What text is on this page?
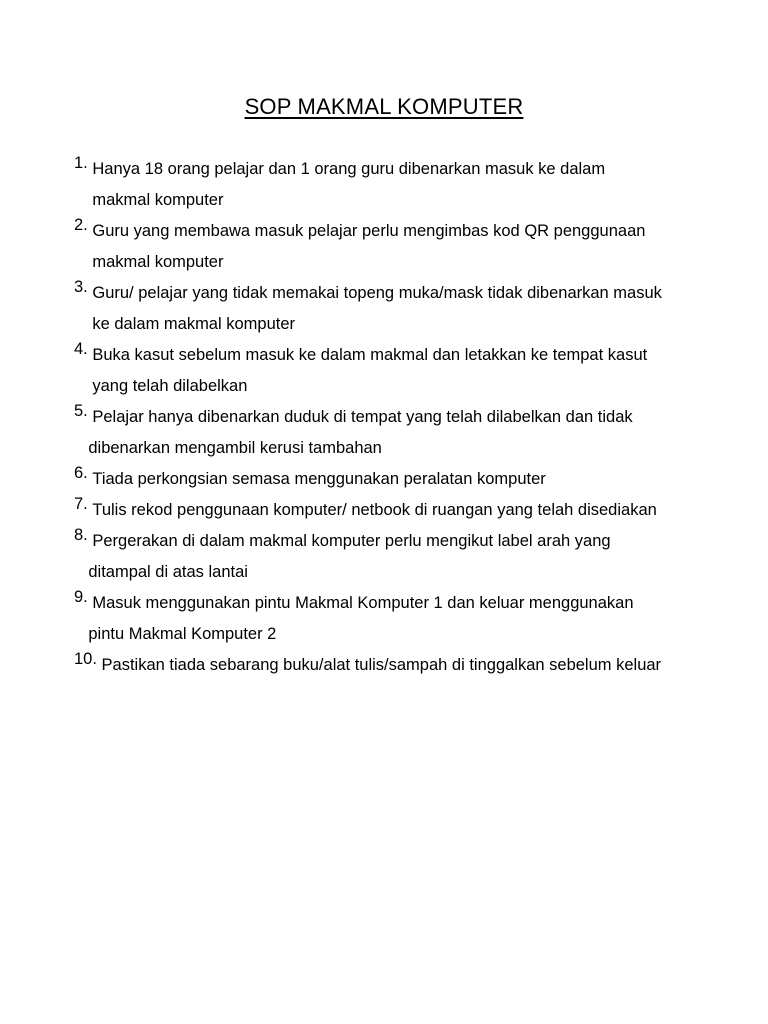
SOP MAKMAL KOMPUTER
1. Hanya 18 orang pelajar dan 1 orang guru dibenarkan masuk ke dalam
makmal komputer
2. Guru yang membawa masuk pelajar perlu mengimbas kod QR penggunaan
makmal komputer
3. Guru/ pelajar yang tidak memakai topeng muka/mask tidak dibenarkan masuk
ke dalam makmal komputer
4. Buka kasut sebelum masuk ke dalam makmal dan letakkan ke tempat kasut
yang telah dilabelkan
5. Pelajar hanya dibenarkan duduk di tempat yang telah dilabelkan dan tidak
dibenarkan mengambil kerusi tambahan
6. Tiada perkongsian semasa menggunakan peralatan komputer
7. Tulis rekod penggunaan komputer/ netbook di ruangan yang telah disediakan
8. Pergerakan di dalam makmal komputer perlu mengikut label arah yang
ditampal di atas lantai
9. Masuk menggunakan pintu Makmal Komputer 1 dan keluar menggunakan
pintu Makmal Komputer 2
10. Pastikan tiada sebarang buku/alat tulis/sampah di tinggalkan sebelum keluar
